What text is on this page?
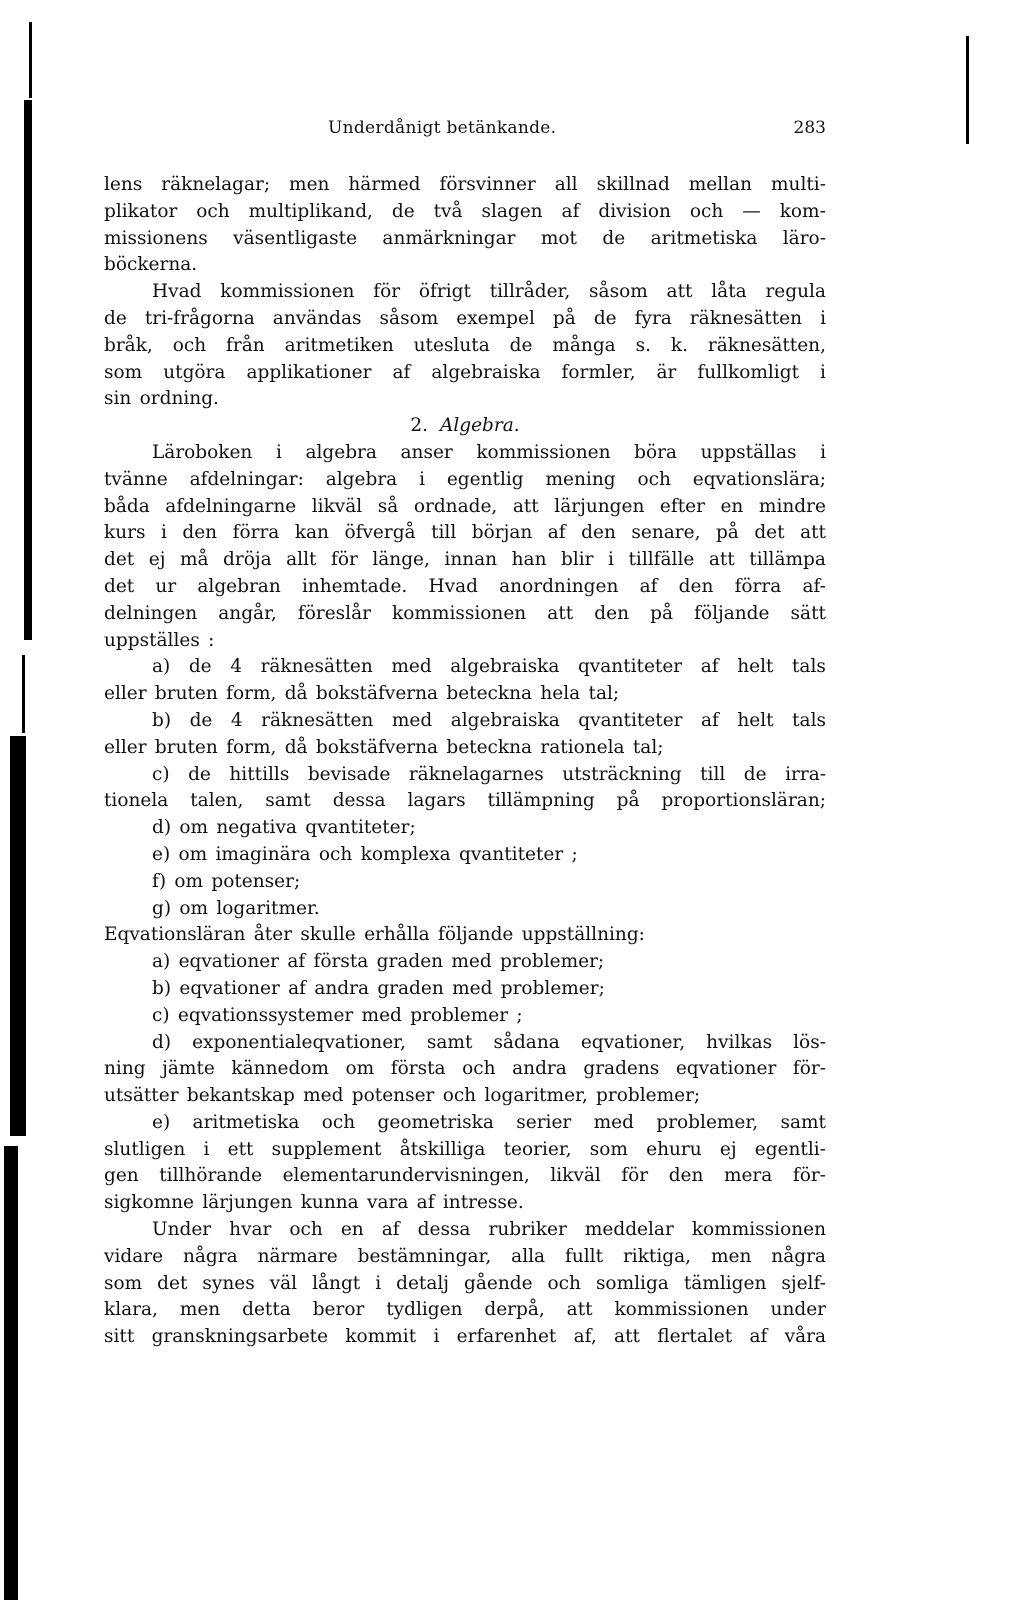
Underdånigt betänkande.	283
lens räknelagar; men härmed försvinner all skillnad mellan multi-
plikator och multiplikand, de två slagen af division och — kom-
missionens väsentligaste anmärkningar mot de aritmetiska läro-
böckerna.
Hvad kommissionen för öfrigt tillråder, såsom att låta regula
de tri-frågorna användas såsom exempel på de fyra räknesätten i
bråk, och från aritmetiken utesluta de många s. k. räknesätten,
som utgöra applikationer af algebraiska formler, är fullkomligt i
sin ordning.
2. Algebra.
Läroboken i algebra anser kommissionen böra uppställas i
tvänne afdelningar: algebra i egentlig mening och eqvationslära;
båda afdelningarne likväl så ordnade, att lärjungen efter en mindre
kurs i den förra kan öfvergå till början af den senare, på det att
det ej må dröja allt för länge, innan han blir i tillfälle att tillämpa
det ur algebran inhemtade. Hvad anordningen af den förra af-
delningen angår, föreslår kommissionen att den på följande sätt
uppställes :
a) de 4 räknesätten med algebraiska qvantiteter af helt tals
eller bruten form, då bokstäfverna beteckna hela tal;
b) de 4 räknesätten med algebraiska qvantiteter af helt tals
eller bruten form, då bokstäfverna beteckna rationela tal;
c) de hittills bevisade räknelagarnes utsträckning till de irra-
tionela talen, samt dessa lagars tillämpning på proportionsläran;
d) om negativa qvantiteter;
e) om imaginära och komplexa qvantiteter ;
f) om potenser;
g) om logaritmer.
Eqvationsläran åter skulle erhålla följande uppställning:
a) eqvationer af första graden med problemer;
b) eqvationer af andra graden med problemer;
c) eqvationssystemer med problemer ;
d) exponentialeqvationer, samt sådana eqvationer, hvilkas lös-
ning jämte kännedom om första och andra gradens eqvationer för-
utsätter bekantskap med potenser och logaritmer, problemer;
e) aritmetiska och geometriska serier med problemer, samt
slutligen i ett supplement åtskilliga teorier, som ehuru ej egentli-
gen tillhörande elementarundervisningen, likväl för den mera för-
sigkomne lärjungen kunna vara af intresse.
Under hvar och en af dessa rubriker meddelar kommissionen
vidare några närmare bestämningar, alla fullt riktiga, men några
som det synes väl långt i detalj gående och somliga tämligen sjelf-
klara, men detta beror tydligen derpå, att kommissionen under
sitt granskningsarbete kommit i erfarenhet af, att flertalet af våra
